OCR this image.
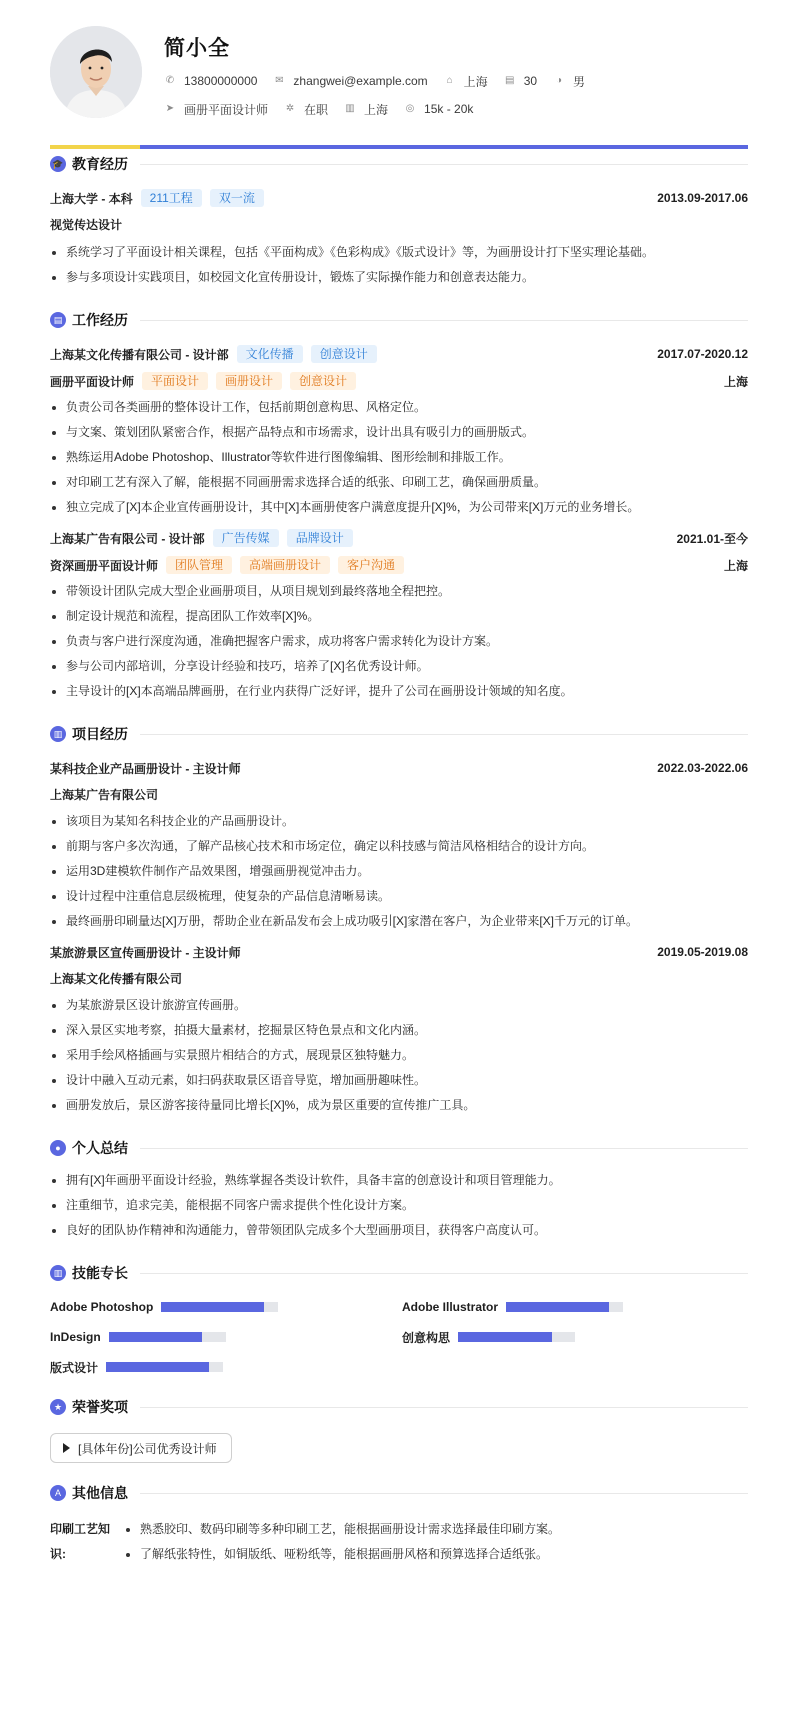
简小全
✆ 13800000000 ✉ zhangwei@example.com ⌂ 上海 ▤ 30 ◑ 男
➤ 画册平面设计师 ✲ 在职 ▥ 上海 ◎ 15k - 20k
🎓 教育经历
上海大学 - 本科	211工程	双一流	2013.09-2017.06
视觉传达设计
系统学习了平面设计相关课程，包括《平面构成》《色彩构成》《版式设计》等，为画册设计打下坚实理论基础。
参与多项设计实践项目，如校园文化宣传册设计，锻炼了实际操作能力和创意表达能力。
▤ 工作经历
上海某文化传播有限公司 - 设计部	文化传播	创意设计	2017.07-2020.12
画册平面设计师	平面设计	画册设计	创意设计	上海
负责公司各类画册的整体设计工作，包括前期创意构思、风格定位。
与文案、策划团队紧密合作，根据产品特点和市场需求，设计出具有吸引力的画册版式。
熟练运用Adobe Photoshop、Illustrator等软件进行图像编辑、图形绘制和排版工作。
对印刷工艺有深入了解，能根据不同画册需求选择合适的纸张、印刷工艺，确保画册质量。
独立完成了[X]本企业宣传画册设计，其中[X]本画册使客户满意度提升[X]%，为公司带来[X]万元的业务增长。
上海某广告有限公司 - 设计部	广告传媒	品牌设计	2021.01-至今
资深画册平面设计师	团队管理	高端画册设计	客户沟通	上海
带领设计团队完成大型企业画册项目，从项目规划到最终落地全程把控。
制定设计规范和流程，提高团队工作效率[X]%。
负责与客户进行深度沟通，准确把握客户需求，成功将客户需求转化为设计方案。
参与公司内部培训，分享设计经验和技巧，培养了[X]名优秀设计师。
主导设计的[X]本高端品牌画册，在行业内获得广泛好评，提升了公司在画册设计领域的知名度。
▥ 项目经历
某科技企业产品画册设计 - 主设计师	2022.03-2022.06
上海某广告有限公司
该项目为某知名科技企业的产品画册设计。
前期与客户多次沟通，了解产品核心技术和市场定位，确定以科技感与简洁风格相结合的设计方向。
运用3D建模软件制作产品效果图，增强画册视觉冲击力。
设计过程中注重信息层级梳理，使复杂的产品信息清晰易读。
最终画册印刷量达[X]万册，帮助企业在新品发布会上成功吸引[X]家潜在客户，为企业带来[X]千万元的订单。
某旅游景区宣传画册设计 - 主设计师	2019.05-2019.08
上海某文化传播有限公司
为某旅游景区设计旅游宣传画册。
深入景区实地考察，拍摄大量素材，挖掘景区特色景点和文化内涵。
采用手绘风格插画与实景照片相结合的方式，展现景区独特魅力。
设计中融入互动元素，如扫码获取景区语音导览，增加画册趣味性。
画册发放后，景区游客接待量同比增长[X]%，成为景区重要的宣传推广工具。
● 个人总结
拥有[X]年画册平面设计经验，熟练掌握各类设计软件，具备丰富的创意设计和项目管理能力。
注重细节，追求完美，能根据不同客户需求提供个性化设计方案。
良好的团队协作精神和沟通能力，曾带领团队完成多个大型画册项目，获得客户高度认可。
▥ 技能专长
Adobe Photoshop	Adobe Illustrator
InDesign	创意构思
版式设计
★ 荣誉奖项
[具体年份]公司优秀设计师
A 其他信息
印刷工艺知识:
熟悉胶印、数码印刷等多种印刷工艺，能根据画册设计需求选择最佳印刷方案。
了解纸张特性，如铜版纸、哑粉纸等，能根据画册风格和预算选择合适纸张。
